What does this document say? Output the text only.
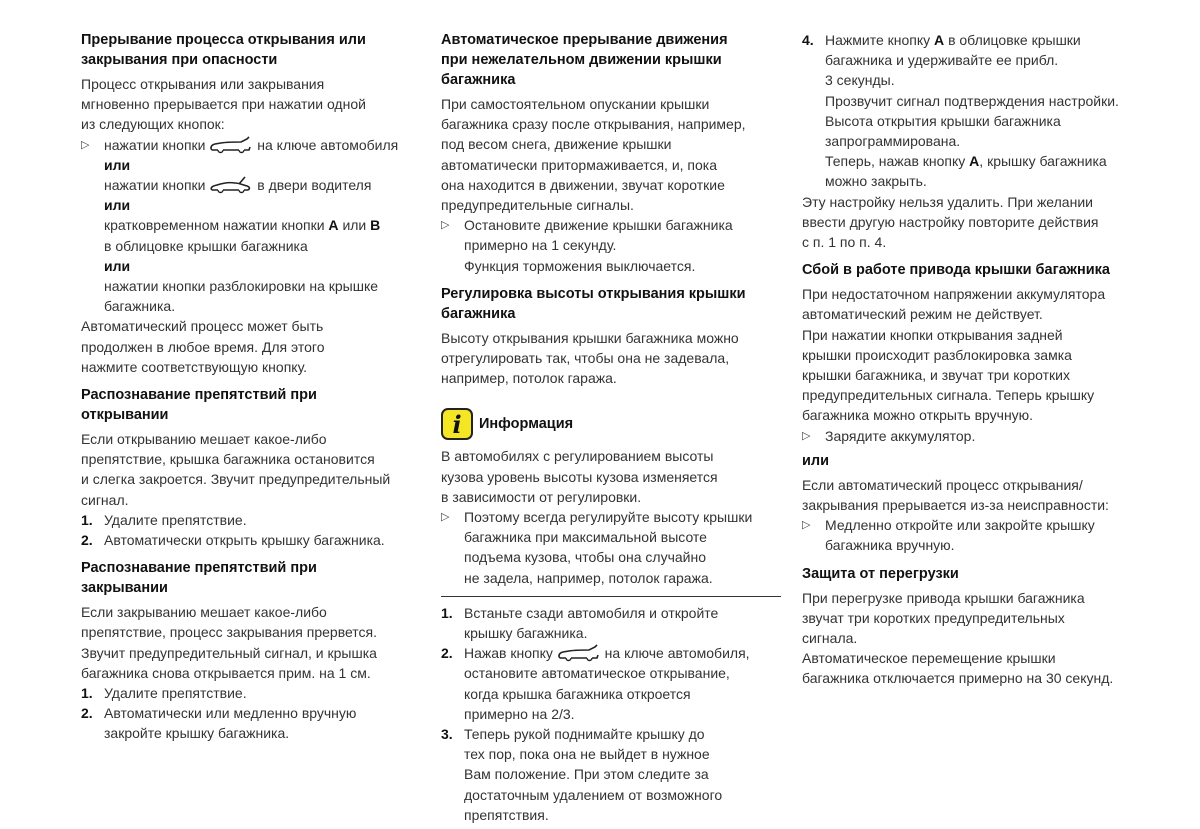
Прерывание процесса открывания или
закрывания при опасности
Процесс открывания или закрывания
мгновенно прерывается при нажатии одной
из следующих кнопок:
▷ нажатии кнопки	на ключе автомобиля
или
нажатии кнопки	в двери водителя
или
кратковременном нажатии кнопки A или B
в облицовке крышки багажника
или
нажатии кнопки разблокировки на крышке
багажника.
Автоматический процесс может быть
продолжен в любое время. Для этого
нажмите соответствующую кнопку.
Распознавание препятствий при
открывании
Если открыванию мешает какое-либо
препятствие, крышка багажника остановится
и слегка закроется. Звучит предупредительный
сигнал.
1. Удалите препятствие.
2. Автоматически открыть крышку багажника.
Распознавание препятствий при
закрывании
Если закрыванию мешает какое-либо
препятствие, процесс закрывания прервется.
Звучит предупредительный сигнал, и крышка
багажника снова открывается прим. на 1 см.
1. Удалите препятствие.
2. Автоматически или медленно вручную
закройте крышку багажника.
Автоматическое прерывание движения
при нежелательном движении крышки
багажника
При самостоятельном опускании крышки
багажника сразу после открывания, например,
под весом снега, движение крышки
автоматически притормаживается, и, пока
она находится в движении, звучат короткие
предупредительные сигналы.
▷ Остановите движение крышки багажника
примерно на 1 секунду.
Функция торможения выключается.
Регулировка высоты открывания крышки
багажника
Высоту открывания крышки багажника можно
отрегулировать так, чтобы она не задевала,
например, потолок гаража.
i	Информация
В автомобилях с регулированием высоты
кузова уровень высоты кузова изменяется
в зависимости от регулировки.
▷ Поэтому всегда регулируйте высоту крышки
багажника при максимальной высоте
подъема кузова, чтобы она случайно
не задела, например, потолок гаража.
1. Встаньте сзади автомобиля и откройте
крышку багажника.
2. Нажав кнопку	на ключе автомобиля,
остановите автоматическое открывание,
когда крышка багажника откроется
примерно на 2/3.
3. Теперь рукой поднимайте крышку до
тех пор, пока она не выйдет в нужное
Вам положение. При этом следите за
достаточным удалением от возможного
препятствия.
4. Нажмите кнопку A в облицовке крышки
багажника и удерживайте ее прибл.
3 секунды.
Прозвучит сигнал подтверждения настройки.
Высота открытия крышки багажника
запрограммирована.
Теперь, нажав кнопку A, крышку багажника
можно закрыть.
Эту настройку нельзя удалить. При желании
ввести другую настройку повторите действия
с п. 1 по п. 4.
Сбой в работе привода крышки багажника
При недостаточном напряжении аккумулятора
автоматический режим не действует.
При нажатии кнопки открывания задней
крышки происходит разблокировка замка
крышки багажника, и звучат три коротких
предупредительных сигнала. Теперь крышку
багажника можно открыть вручную.
▷ Зарядите аккумулятор.
или
Если автоматический процесс открывания/
закрывания прерывается из-за неисправности:
▷ Медленно откройте или закройте крышку
багажника вручную.
Защита от перегрузки
При перегрузке привода крышки багажника
звучат три коротких предупредительных
сигнала.
Автоматическое перемещение крышки
багажника отключается примерно на 30 секунд.
